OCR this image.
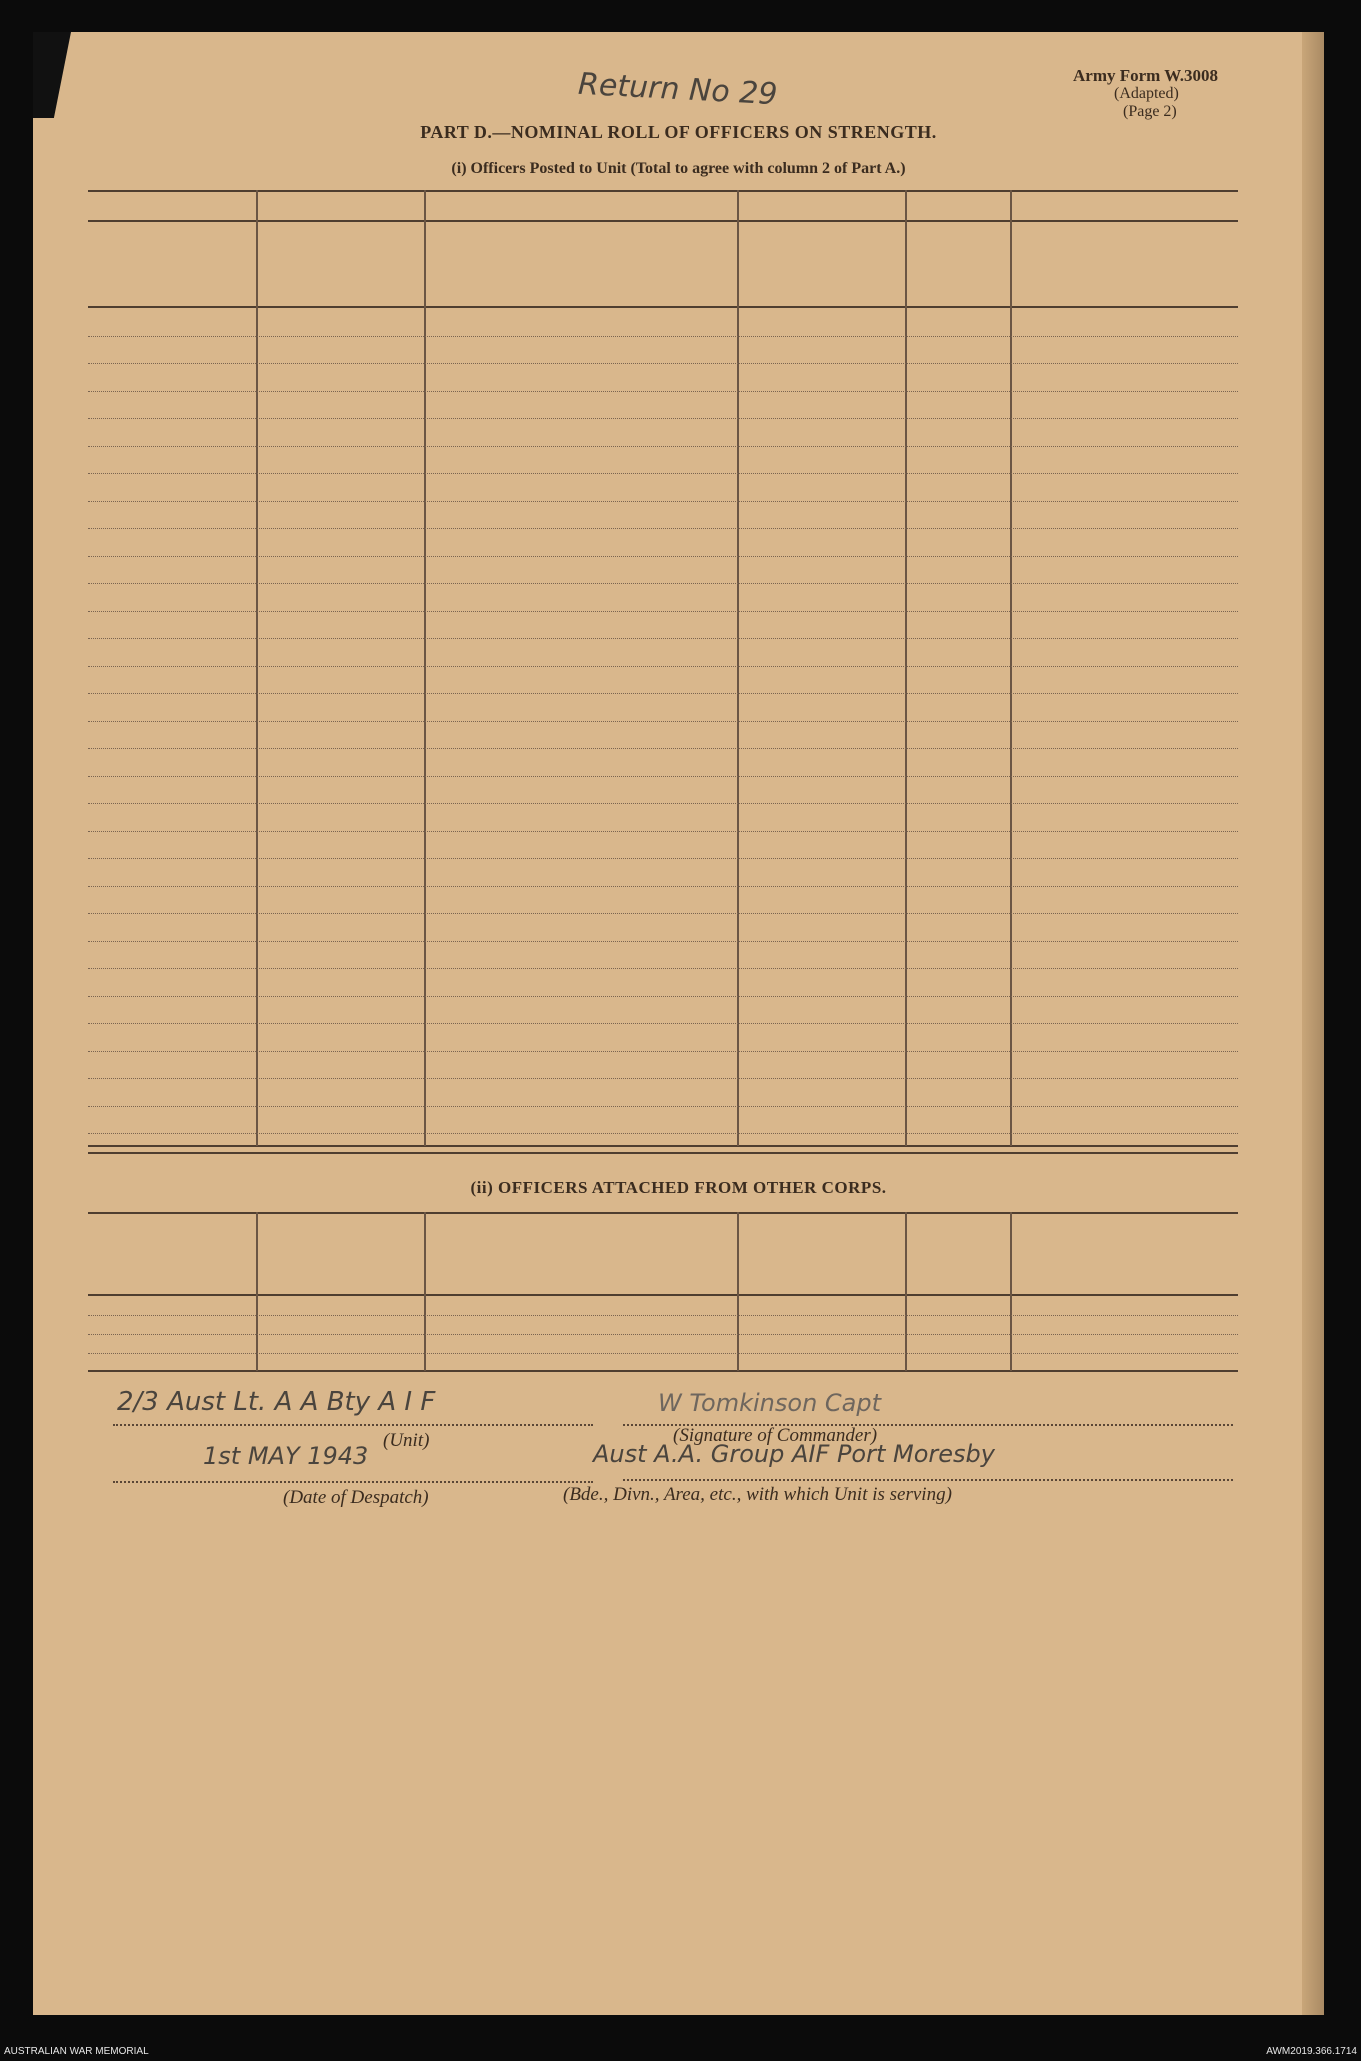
Army Form W.3008
(Adapted)
(Page 2)
Return No 29
PART D.—NOMINAL ROLL OF OFFICERS ON STRENGTH.
(i) Officers Posted to Unit (Total to agree with column 2 of Part A.)
(ii) OFFICERS ATTACHED FROM OTHER CORPS.
2/3 Aust Lt. A A Bty A I F
(Unit)
1st MAY 1943
(Date of Despatch)
W Tomkinson Capt
(Signature of Commander)
Aust A.A. Group AIF Port Moresby
(Bde., Divn., Area, etc., with which Unit is serving)
AUSTRALIAN WAR MEMORIAL	AWM2019.366.1714
